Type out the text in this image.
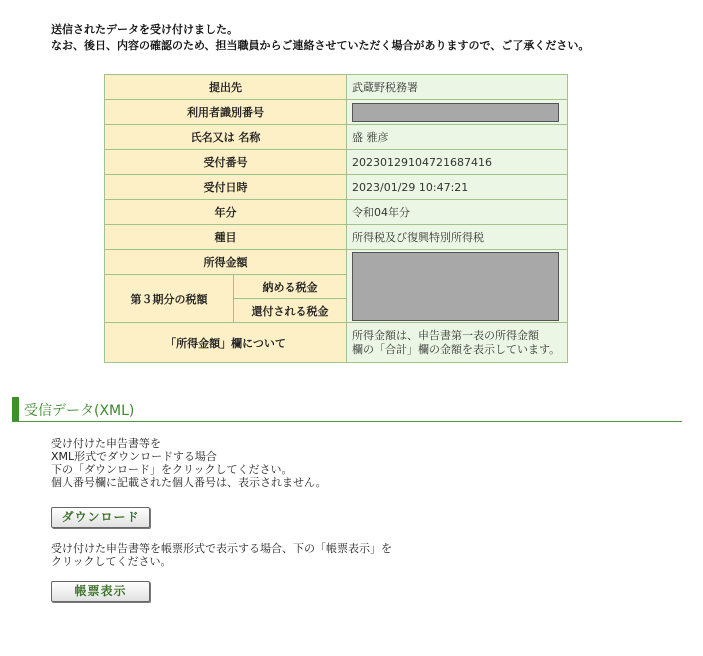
送信されたデータを受け付けました。
なお、後日、内容の確認のため、担当職員からご連絡させていただく場合がありますので、ご了承ください。
提出先		武蔵野税務署
利用者識別番号		

氏名又は 名称		盛 雅彦
受付番号		20230129104721687416
受付日時		2023/01/29 10:47:21
年分		令和04年分
種目		所得税及び復興特別所得税
所得金額		

第３期分の税額	納める税金	
	還付される税金	
「所得金額」欄について		所得金額は、申告書第一表の所得金額
欄の「合計」欄の金額を表示しています。
受信データ(XML)
受け付けた申告書等を
XML形式でダウンロードする場合
下の「ダウンロード」をクリックしてください。
個人番号欄に記載された個人番号は、表示されません。
ダウンロード
受け付けた申告書等を帳票形式で表示する場合、下の「帳票表示」を
クリックしてください。
帳票表示
